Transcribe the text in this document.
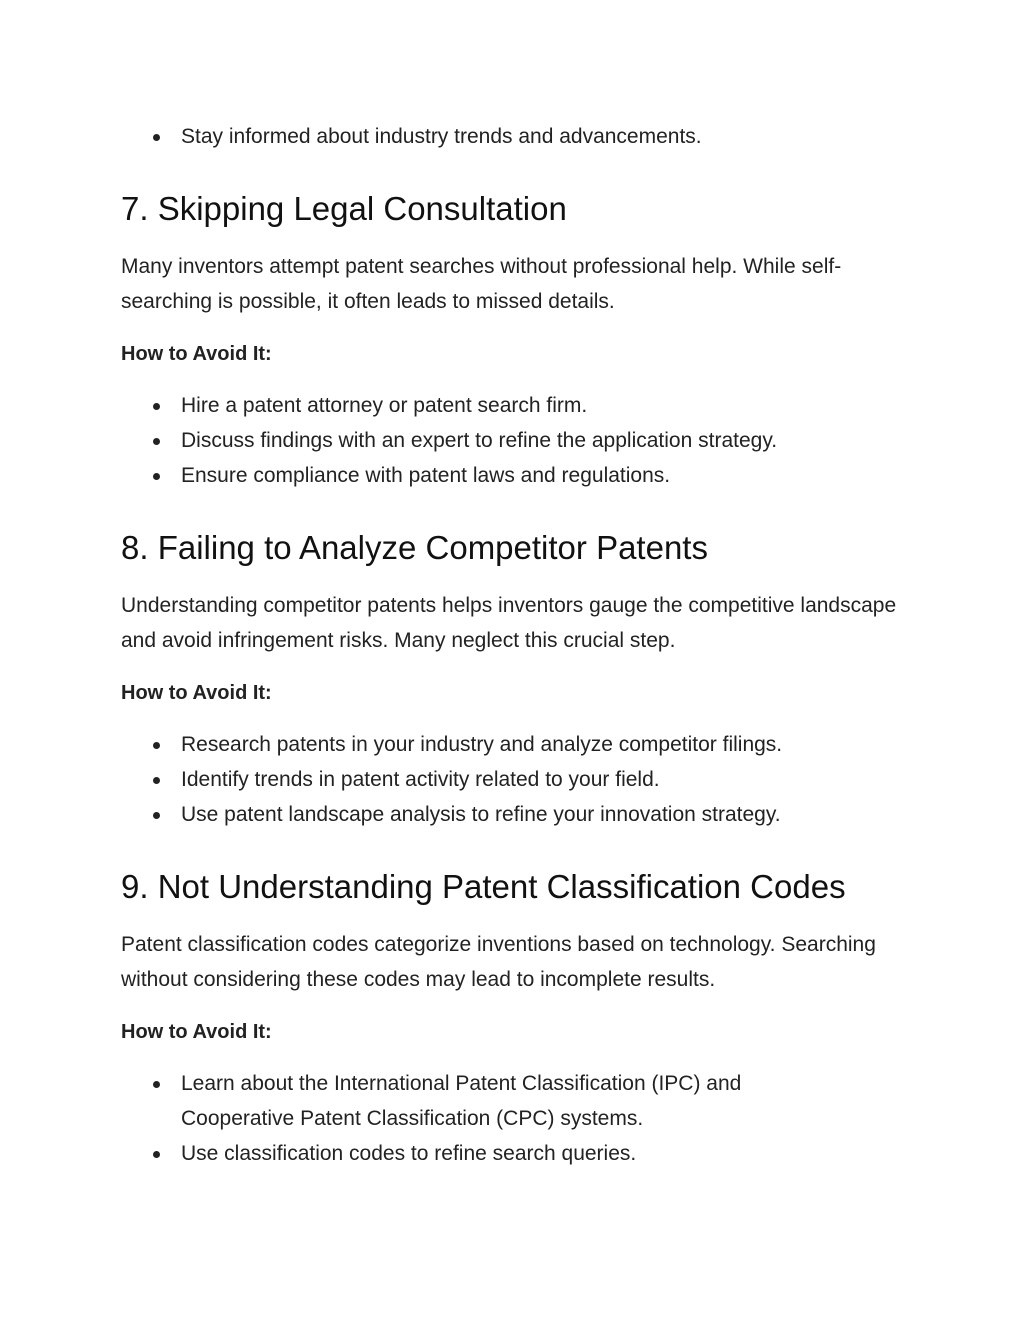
Stay informed about industry trends and advancements.
7. Skipping Legal Consultation

Many inventors attempt patent searches without professional help. While self-searching is possible, it often leads to missed details.

How to Avoid It:

Hire a patent attorney or patent search firm.
Discuss findings with an expert to refine the application strategy.
Ensure compliance with patent laws and regulations.
8. Failing to Analyze Competitor Patents

Understanding competitor patents helps inventors gauge the competitive landscape and avoid infringement risks. Many neglect this crucial step.

How to Avoid It:

Research patents in your industry and analyze competitor filings.
Identify trends in patent activity related to your field.
Use patent landscape analysis to refine your innovation strategy.
9. Not Understanding Patent Classification Codes

Patent classification codes categorize inventions based on technology. Searching without considering these codes may lead to incomplete results.

How to Avoid It:

Learn about the International Patent Classification (IPC) and Cooperative Patent Classification (CPC) systems.
Use classification codes to refine search queries.
